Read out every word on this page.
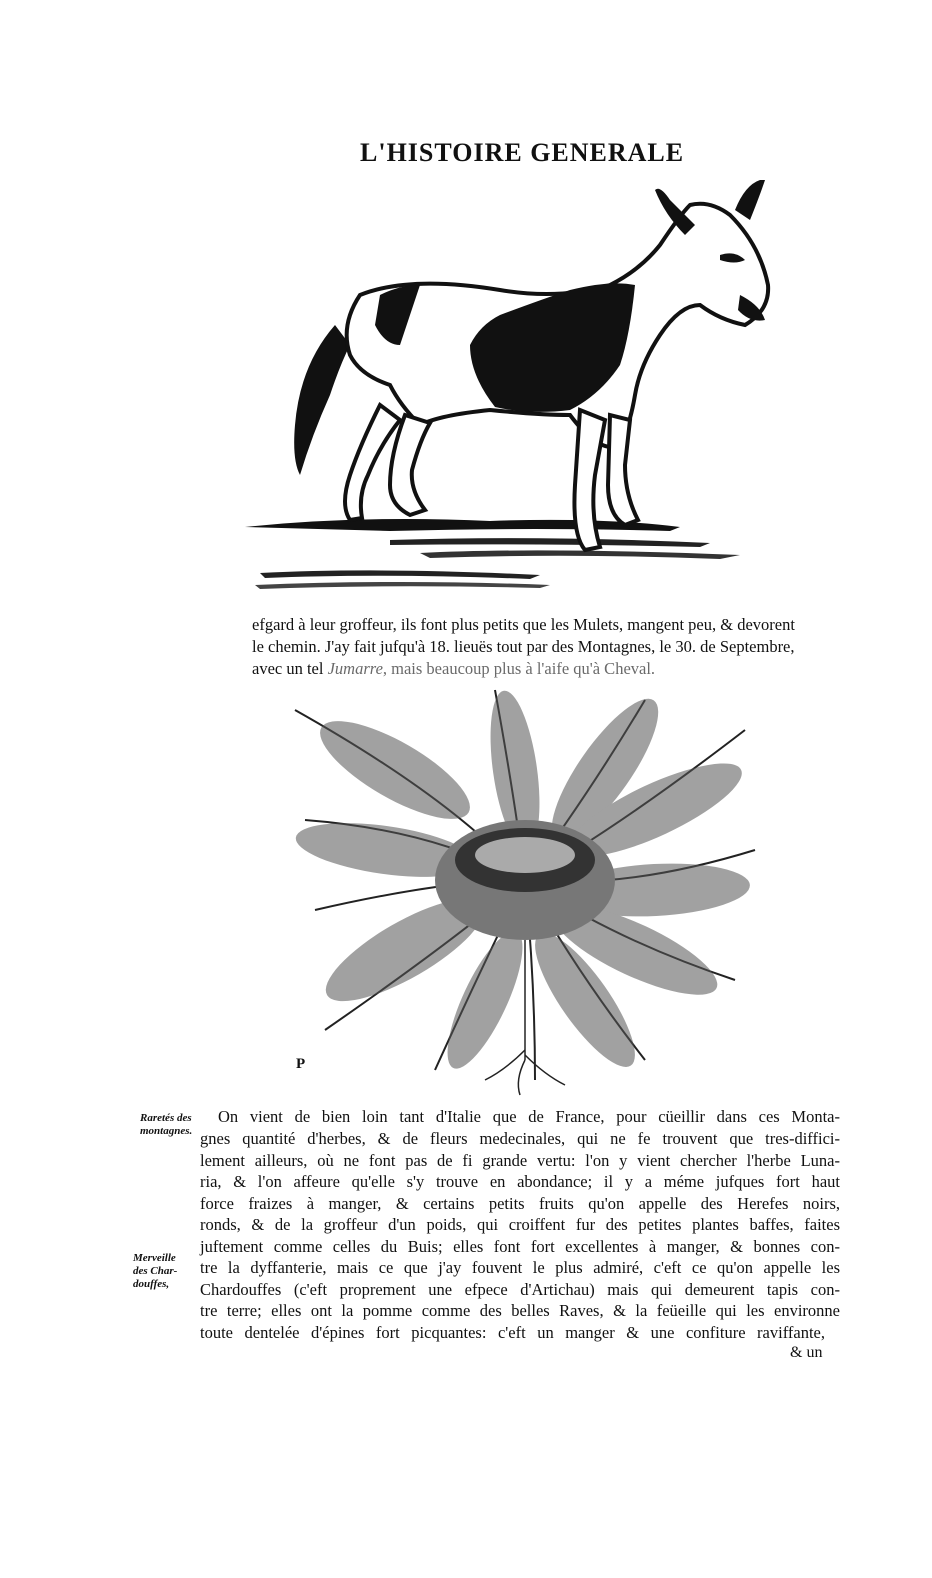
L'HISTOIRE GENERALE
efgard à leur groffeur, ils font plus petits que les Mulets, mangent peu, & devorent
le chemin. J'ay fait jufqu'à 18. lieuës tout par des Montagnes, le 30. de Septembre,
avec un tel Jumarre, mais beaucoup plus à l'aife qu'à Cheval.
P
Raretés des
montagnes.
Merveille
des Char-
douffes,
On vient de bien loin tant d'Italie que de France, pour cüeillir dans ces Monta-
gnes quantité d'herbes, & de fleurs medecinales, qui ne fe trouvent que tres-diffici-
lement ailleurs, où ne font pas de fi grande vertu: l'on y vient chercher l'herbe Luna-
ria, & l'on affeure qu'elle s'y trouve en abondance; il y a méme jufques fort haut
force fraizes à manger, & certains petits fruits qu'on appelle des Herefes noirs,
ronds, & de la groffeur d'un poids, qui croiffent fur des petites plantes baffes, faites
juftement comme celles du Buis; elles font fort excellentes à manger, & bonnes con-
tre la dyffanterie, mais ce que j'ay fouvent le plus admiré, c'eft ce qu'on appelle les
Chardouffes (c'eft proprement une efpece d'Artichau) mais qui demeurent tapis con-
tre terre; elles ont la pomme comme des belles Raves, & la feüeille qui les environne
toute dentelée d'épines fort picquantes: c'eft un manger & une confiture raviffante,
& un
